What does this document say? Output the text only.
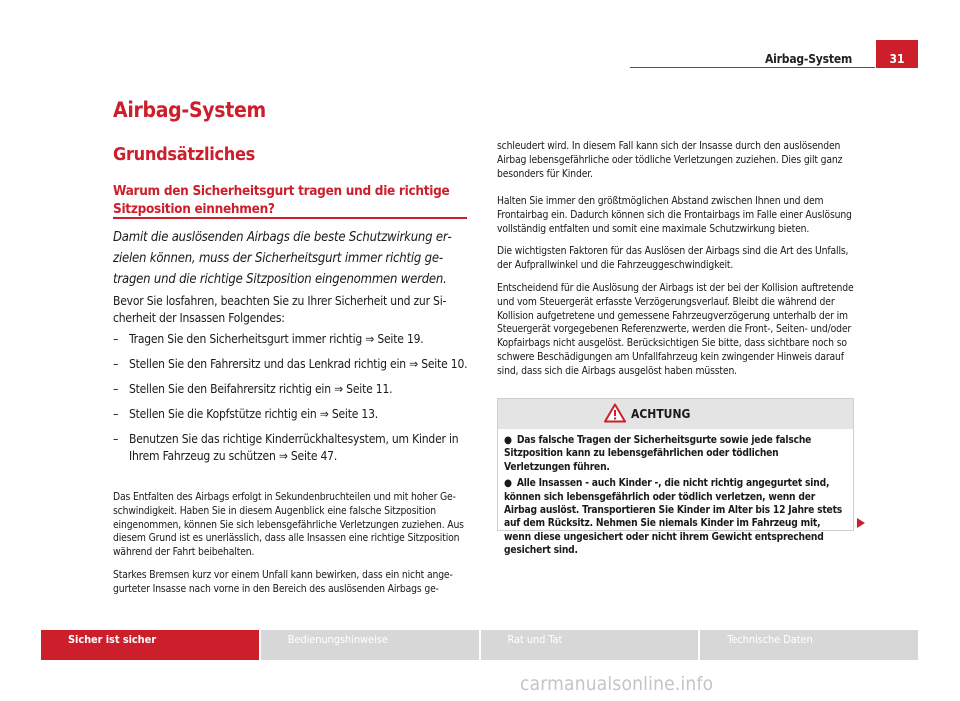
Airbag-System	31
Airbag-System
Grundsätzliches
Warum den Sicherheitsgurt tragen und die richtige Sitzposition einnehmen?
Damit die auslösenden Airbags die beste Schutzwirkung erzielen können, muss der Sicherheitsgurt immer richtig getragen und die richtige Sitzposition eingenommen werden.
Bevor Sie losfahren, beachten Sie zu Ihrer Sicherheit und zur Sicherheit der Insassen Folgendes:
– Tragen Sie den Sicherheitsgurt immer richtig ⇒ Seite 19.
– Stellen Sie den Fahrersitz und das Lenkrad richtig ein ⇒ Seite 10.
– Stellen Sie den Beifahrersitz richtig ein ⇒ Seite 11.
– Stellen Sie die Kopfstütze richtig ein ⇒ Seite 13.
– Benutzen Sie das richtige Kinderrückhaltesystem, um Kinder in Ihrem Fahrzeug zu schützen ⇒ Seite 47.
Das Entfalten des Airbags erfolgt in Sekundenbruchteilen und mit hoher Geschwindigkeit. Haben Sie in diesem Augenblick eine falsche Sitzposition eingenommen, können Sie sich lebensgefährliche Verletzungen zuziehen. Aus diesem Grund ist es unerlässlich, dass alle Insassen eine richtige Sitzposition während der Fahrt beibehalten.
Starkes Bremsen kurz vor einem Unfall kann bewirken, dass ein nicht angegurteter Insasse nach vorne in den Bereich des auslösenden Airbags ge-
schleudert wird. In diesem Fall kann sich der Insasse durch den auslösenden Airbag lebensgefährliche oder tödliche Verletzungen zuziehen. Dies gilt ganz besonders für Kinder.
Halten Sie immer den größtmöglichen Abstand zwischen Ihnen und dem Frontairbag ein. Dadurch können sich die Frontairbags im Falle einer Auslösung vollständig entfalten und somit eine maximale Schutzwirkung bieten.
Die wichtigsten Faktoren für das Auslösen der Airbags sind die Art des Unfalls, der Aufprallwinkel und die Fahrzeuggeschwindigkeit.
Entscheidend für die Auslösung der Airbags ist der bei der Kollision auftretende und vom Steuergerät erfasste Verzögerungsverlauf. Bleibt die während der Kollision aufgetretene und gemessene Fahrzeugverzögerung unterhalb der im Steuergerät vorgegebenen Referenzwerte, werden die Front-, Seiten- und/oder Kopfairbags nicht ausgelöst. Berücksichtigen Sie bitte, dass sichtbare noch so schwere Beschädigungen am Unfallfahrzeug kein zwingender Hinweis darauf sind, dass sich die Airbags ausgelöst haben müssten.
ACHTUNG
● Das falsche Tragen der Sicherheitsgurte sowie jede falsche Sitzposition kann zu lebensgefährlichen oder tödlichen Verletzungen führen.
● Alle Insassen - auch Kinder -, die nicht richtig angegurtet sind, können sich lebensgefährlich oder tödlich verletzen, wenn der Airbag auslöst. Transportieren Sie Kinder im Alter bis 12 Jahre stets auf dem Rücksitz. Nehmen Sie niemals Kinder im Fahrzeug mit, wenn diese ungesichert oder nicht ihrem Gewicht entsprechend gesichert sind.
Sicher ist sicher	Bedienungshinweise	Rat und Tat	Technische Daten
carmanualsonline.info
